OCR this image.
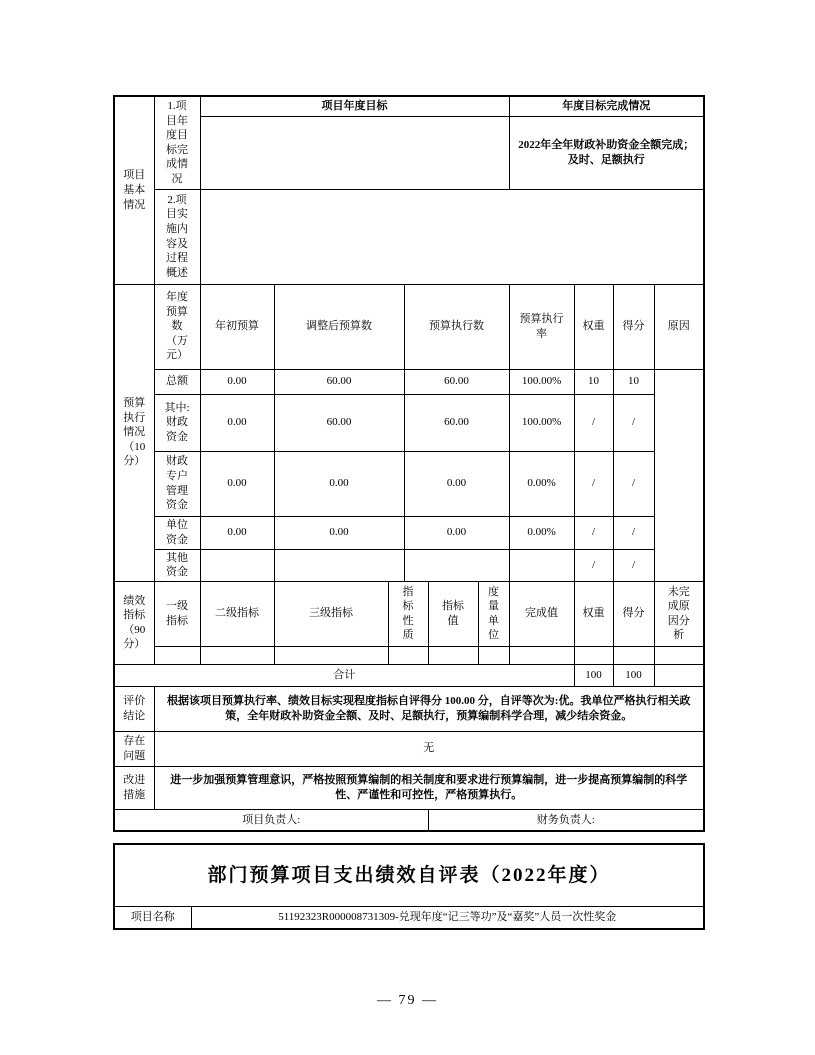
项目基本情况	1.项目年度目标完成情况	项目年度目标						年度目标完成情况			
								2022年全年财政补助资金全额完成；及时、足额执行			

	2.项目实施内容及过程概述										

预算执行情况（10分）	年度预算数（万元）	年初预算	调整后预算数		预算执行数			预算执行率	权重	得分	原因
	总额	0.00	60.00		60.00			100.00%	10	10	

	其中:财政资金	0.00	60.00		60.00			100.00%	/	/	

	财政专户管理资金	0.00	0.00		0.00			0.00%	/	/	

	单位资金	0.00	0.00		0.00			0.00%	/	/	

	其他资金								/	/	

绩效指标（90分）	一级指标	二级指标	三级指标	指标性质		指标值	度量单位	完成值	权重	得分	未完成原因分析

合计									100	100	

评价结论	根据该项目预算执行率、绩效目标实现程度指标自评得分 100.00 分，自评等次为:优。我单位严格执行相关政策，全年财政补助资金全额、及时、足额执行，预算编制科学合理，减少结余资金。										

存在问题	无										

改进措施	进一步加强预算管理意识，严格按照预算编制的相关制度和要求进行预算编制，进一步提高预算编制的科学性、严谨性和可控性，严格预算执行。										
项目负责人:						财务负责人:					
部门预算项目支出绩效自评表（2022年度）
项目名称	51192323R000008731309-兑现年度“记三等功”及“嘉奖”人员一次性奖金
— 79 —
